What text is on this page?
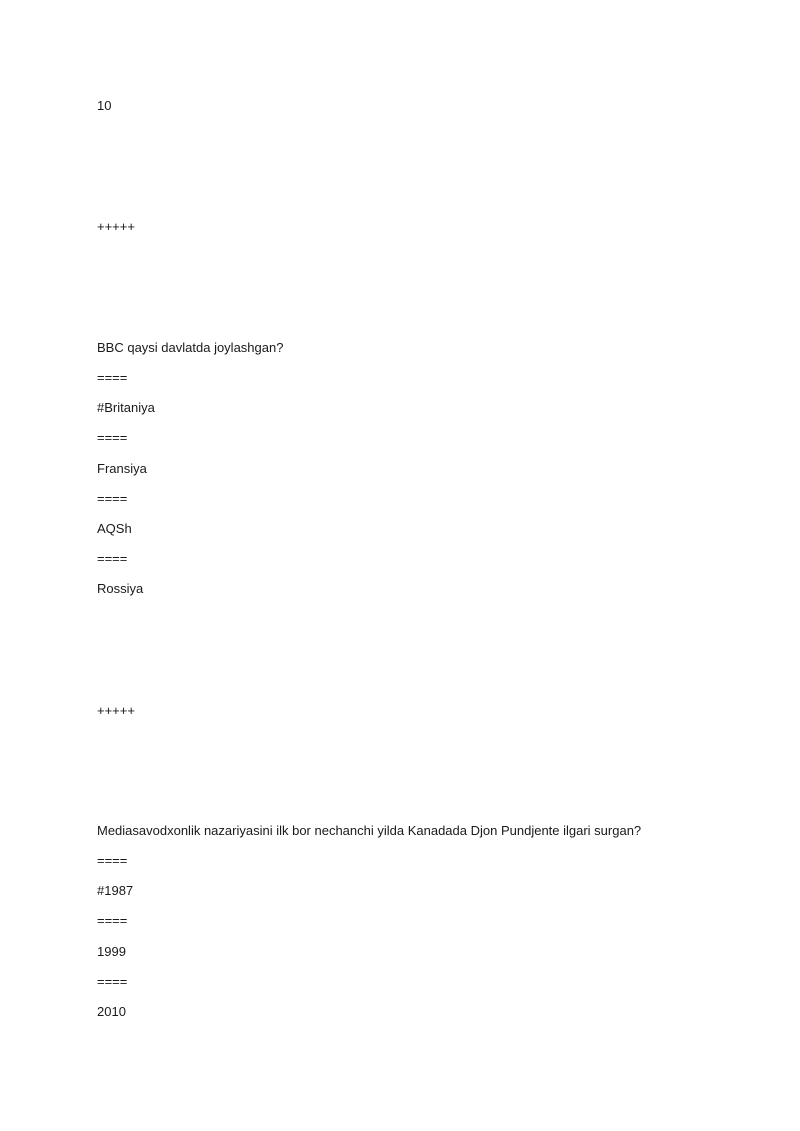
10
+++++
BBC qaysi davlatda joylashgan?
====
#Britaniya
====
Fransiya
====
AQSh
====
Rossiya
+++++
Mediasavodxonlik nazariyasini ilk bor nechanchi yilda Kanadada Djon Pundjente ilgari surgan?
====
#1987
====
1999
====
2010
